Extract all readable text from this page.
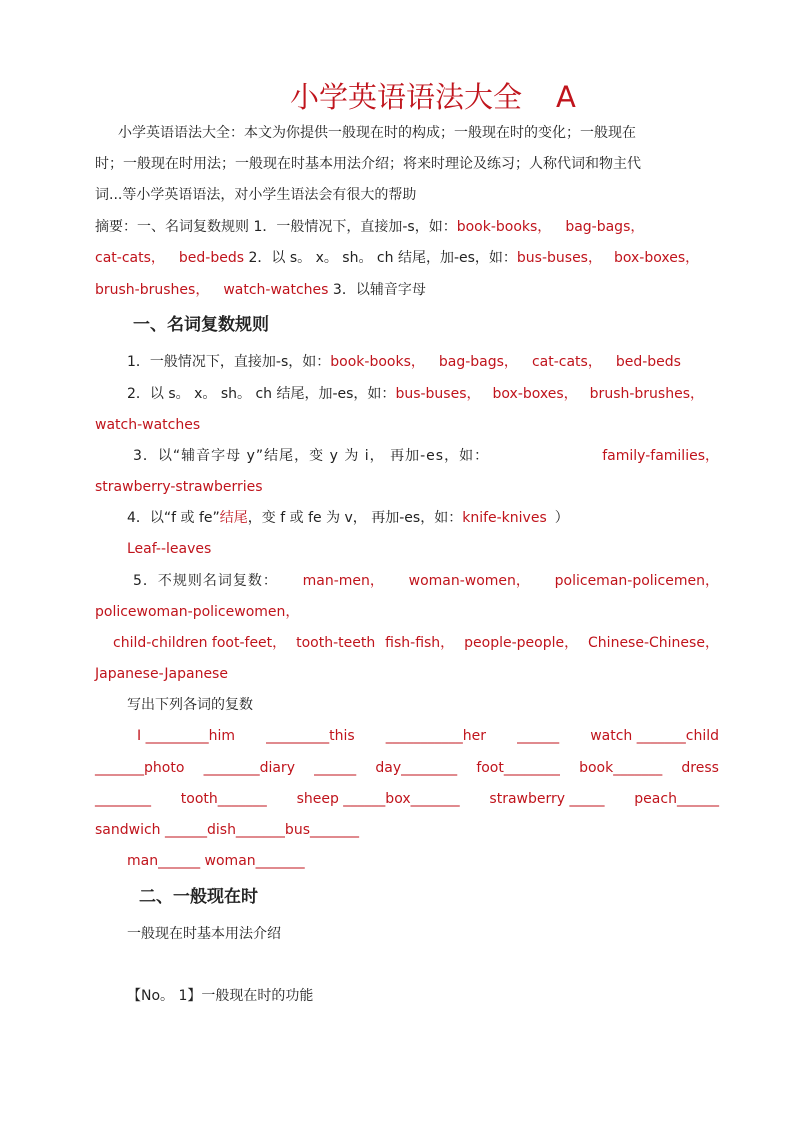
小学英语语法大全 A
小学英语语法大全：本文为你提供一般现在时的构成；一般现在时的变化；一般现在
时；一般现在时用法；一般现在时基本用法介绍；将来时理论及练习；人称代词和物主代
词...等小学英语语法，对小学生语法会有很大的帮助
摘要：一、名词复数规则 1．一般情况下，直接加-s，如：book-books， bag-bags，
cat-cats， bed-beds 2．以 s。 x。 sh。 ch 结尾，加-es，如：bus-buses， box-boxes，
brush-brushes， watch-watches 3．以辅音字母
一、名词复数规则
1．一般情况下，直接加-s，如：book-books， bag-bags， cat-cats， bed-beds
2．以 s。 x。 sh。 ch 结尾，加-es，如：bus-buses， box-boxes， brush-brushes，
watch-watches
3．以“辅音字母 y”结尾，变 y 为 i， 再加-es，如：	family-families，
strawberry-strawberries
4．以“f 或 fe”结尾，变 f 或 fe 为 v， 再加-es，如：knife-knives ）
Leaf--leaves
5．不规则名词复数： man-men， woman-women， policeman-policemen，
policewoman-policewomen，
child-children foot-feet， tooth-teeth fish-fish， people-people， Chinese-Chinese，
Japanese-Japanese
写出下列各词的复数
I _________him _________this ___________her ______ watch _______child
_______photo ________diary ______ day________ foot________ book_______ dress
________ tooth_______ sheep ______box_______ strawberry _____ peach______
sandwich ______dish_______bus_______
man______ woman_______
二、一般现在时
一般现在时基本用法介绍
【No。 1】一般现在时的功能
